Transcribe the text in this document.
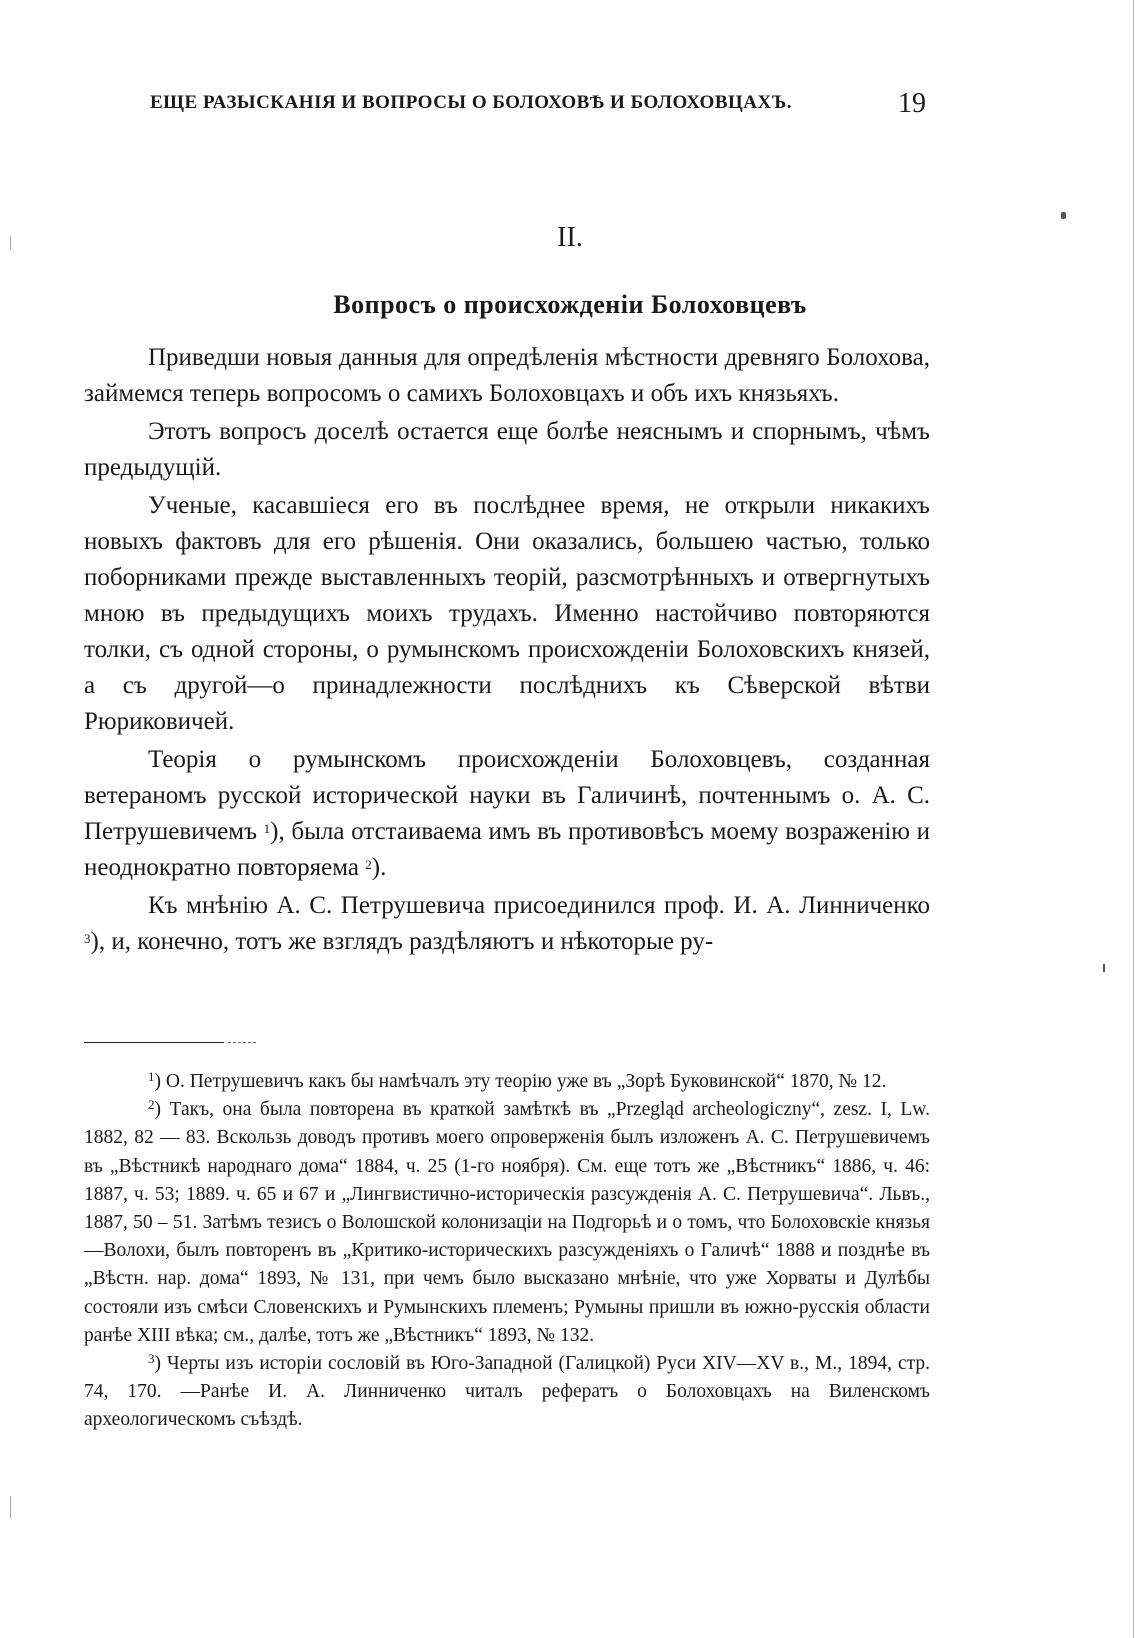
ЕЩЕ РАЗЫСКАНІЯ И ВОПРОСЫ О БОЛОХОВѢ И БОЛОХОВЦАХЪ.	19
II.
Вопросъ о происхожденіи Болоховцевъ

Приведши новыя данныя для опредѣленія мѣстности древняго Болохова, займемся теперь вопросомъ о самихъ Болоховцахъ и объ ихъ князьяхъ.

Этотъ вопросъ доселѣ остается еще болѣе неяснымъ и спорнымъ, чѣмъ предыдущій.

Ученые, касавшіеся его въ послѣднее время, не открыли никакихъ новыхъ фактовъ для его рѣшенія. Они оказались, большею частью, только поборниками прежде выставленныхъ теорій, разсмотрѣнныхъ и отвергнутыхъ мною въ предыдущихъ моихъ трудахъ. Именно настойчиво повторяются толки, съ одной стороны, о румынскомъ происхожденіи Болоховскихъ князей, а съ другой—о принадлежности послѣднихъ къ Сѣверской вѣтви Рюриковичей.

Теорія о румынскомъ происхожденіи Болоховцевъ, созданная ветераномъ русской исторической науки въ Галичинѣ, почтеннымъ о. А. С. Петрушевичемъ $^1$), была отстаиваема имъ въ противовѣсъ моему возраженію и неоднократно повторяема $^2$).

Къ мнѣнію А. С. Петрушевича присоединился проф. И. А. Линниченко $^3$), и, конечно, тотъ же взглядъ раздѣляютъ и нѣкоторые ру-

$^1$) О. Петрушевичъ какъ бы намѣчалъ эту теорію уже въ „Зорѣ Буковинской“ 1870, № 12.

$^2$) Такъ, она была повторена въ краткой замѣткѣ въ „Przegląd archeologiczny“, zesz. I, Lw. 1882, 82 — 83. Вскользь доводъ противъ моего опроверженія былъ изложенъ А. С. Петрушевичемъ въ „Вѣстникѣ народнаго дома“ 1884, ч. 25 (1-го ноября). См. еще тотъ же „Вѣстникъ“ 1886, ч. 46: 1887, ч. 53; 1889. ч. 65 и 67 и „Лингвистично-историческія разсужденія А. С. Петрушевича“. Львъ., 1887, 50 – 51. Затѣмъ тезисъ о Волошской колонизаціи на Подгорьѣ и о томъ, что Болоховскіе князья—Волохи, былъ повторенъ въ „Критико-историческихъ разсужденіяхъ о Галичѣ“ 1888 и позднѣе въ „Вѣстн. нар. дома“ 1893, № 131, при чемъ было высказано мнѣніе, что уже Хорваты и Дулѣбы состояли изъ смѣси Словенскихъ и Румынскихъ племенъ; Румыны пришли въ южно-русскія области ранѣе XIII вѣка; см., далѣе, тотъ же „Вѣстникъ“ 1893, № 132.

$^3$) Черты изъ исторіи сословій въ Юго-Западной (Галицкой) Руси XIV—XV в., М., 1894, стр. 74, 170. —Ранѣе И. А. Линниченко читалъ рефератъ о Болоховцахъ на Виленскомъ археологическомъ съѣздѣ.
